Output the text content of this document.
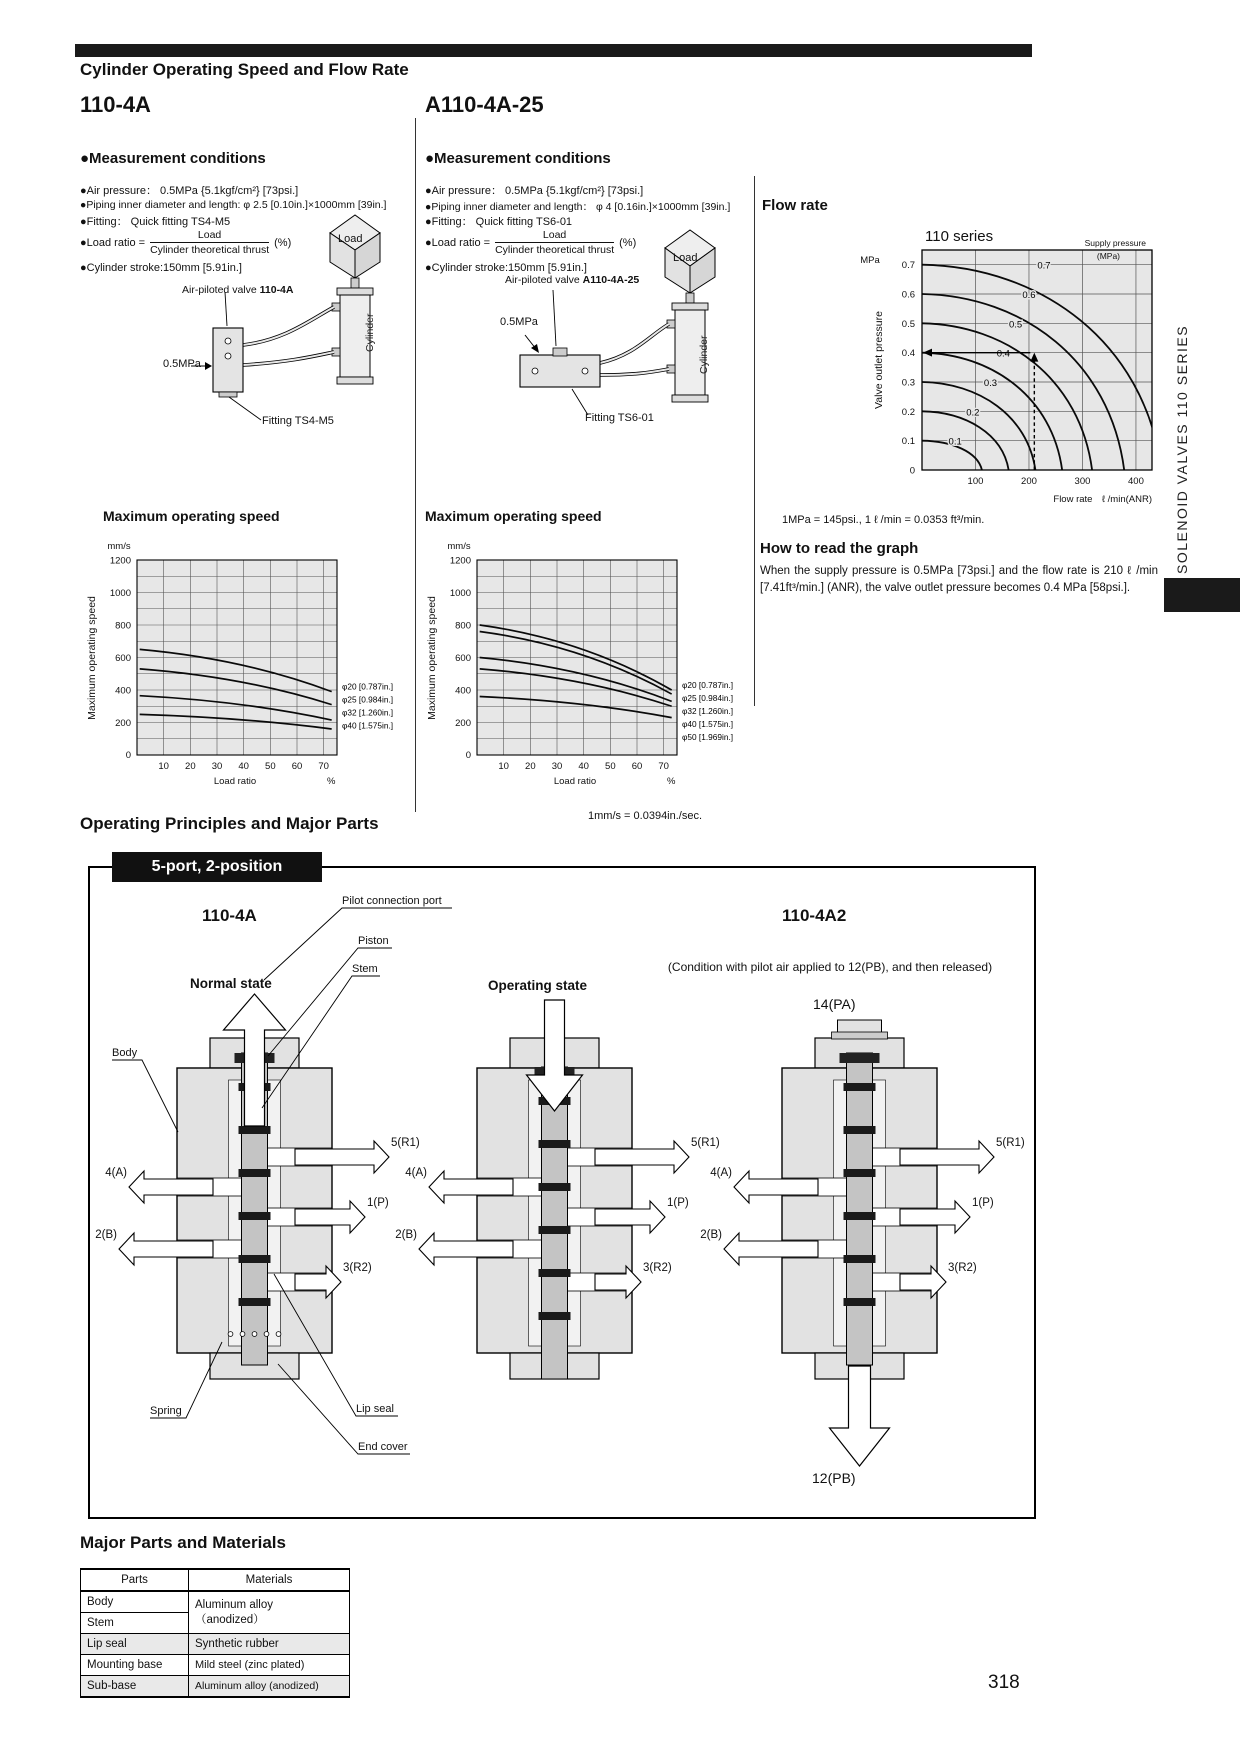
Cylinder Operating Speed and Flow Rate
110-4A	A110-4A-25
●Measurement conditions
●Air pressure： 0.5MPa {5.1kgf/cm²} [73psi.]
●Piping inner diameter and length: φ 2.5 [0.10in.]×1000mm [39in.]
●Fitting： Quick fitting TS4-M5
●Load ratio = $\frac{\text{Load}}{\text{Cylinder theoretical thrust}}$ (%)
●Cylinder stroke:150mm [5.91in.]
Load
Air-piloted valve 110-4A
0.5MPa
Fitting TS4-M5
Cylinder
●Measurement conditions
●Air pressure： 0.5MPa {5.1kgf/cm²} [73psi.]
●Piping inner diameter and length： φ 4 [0.16in.]×1000mm [39in.]
●Fitting： Quick fitting TS6-01
●Load ratio = $\frac{\text{Load}}{\text{Cylinder theoretical thrust}}$ (%)
●Cylinder stroke:150mm [5.91in.]
Load
Air-piloted valve A110-4A-25
0.5MPa
Fitting TS6-01
Cylinder
Flow rate
110 series
MPa
Valve outlet pressure
Flow rate　ℓ /min(ANR)
0.1
0.2
0.3
0.4
0.5
0.6
0.7
Supply pressure
(MPa)
0
0.1
0.2
0.3
0.4
0.5
0.6
0.7
100	200	300	400
1MPa = 145psi., 1 ℓ /min = 0.0353 ft³/min.
How to read the graph
When the supply pressure is 0.5MPa [73psi.] and the flow rate is 210 ℓ /min [7.41ft³/min.] (ANR), the valve outlet pressure becomes 0.4 MPa [58psi.].
SOLENOID VALVES 110 SERIES
Maximum operating speed
mm/s
Maximum operating speed
Load ratio	%
200
400
600
800
1000
1200
0
10 20 30 40 50 60 70
φ20 [0.787in.]
φ25 [0.984in.]
φ32 [1.260in.]
φ40 [1.575in.]
Maximum operating speed
mm/s
Maximum operating speed
Load ratio	%
200
400
600
800
1000
1200
0
10 20 30 40 50 60 70
φ20 [0.787in.]
φ25 [0.984in.]
φ32 [1.260in.]
φ40 [1.575in.]
φ50 [1.969in.]
1mm/s = 0.0394in./sec.
Operating Principles and Major Parts
5-port, 2-position
110-4A
Pilot connection port
Piston
Stem
Normal state
Body
5(R1)
4(A)
1(P)
2(B)
3(R2)
Spring	Lip seal
End cover
Operating state
5(R1)
4(A)
1(P)
2(B)
3(R2)
110-4A2
(Condition with pilot air applied to 12(PB), and then released)
14(PA)
5(R1)
4(A)
1(P)
2(B)
3(R2)
12(PB)
Major Parts and Materials
Parts	Materials
Body	Aluminum alloy
（anodized）

Stem	
Lip seal	Synthetic rubber
Mounting base	Mild steel (zinc plated)
Sub-base	Aluminum alloy (anodized)	318
